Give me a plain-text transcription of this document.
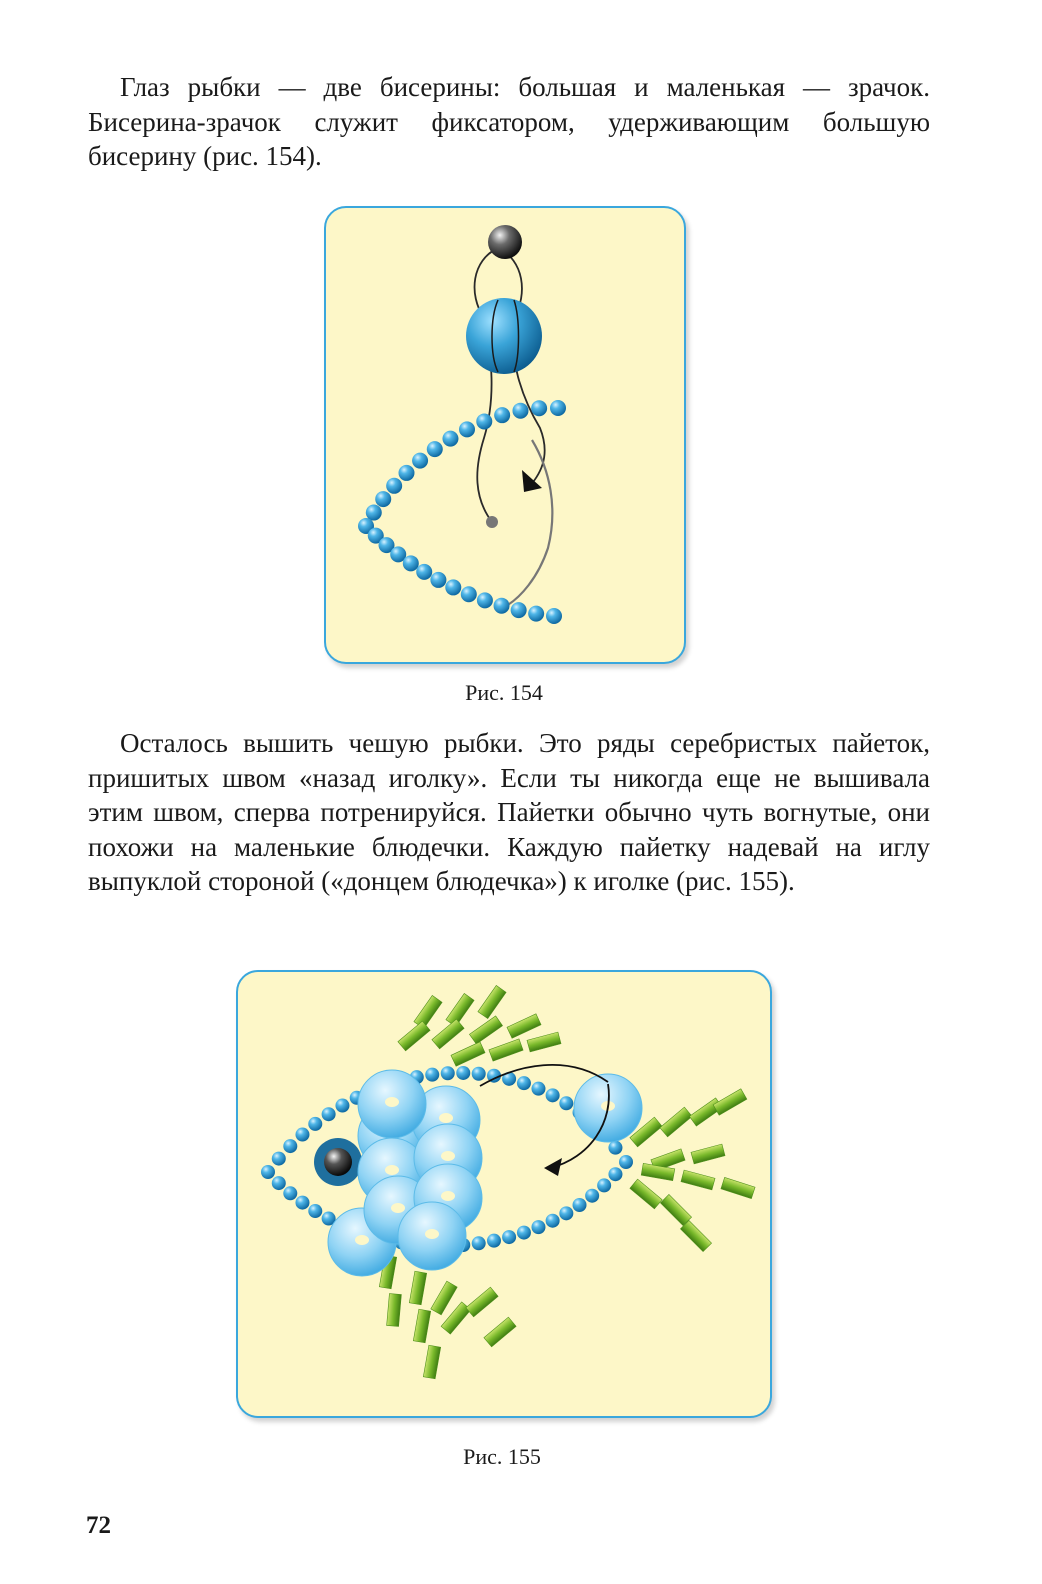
Глаз рыбки — две бисерины: большая и маленькая — зрачок. Бисерина-зрачок служит фиксатором, удерживающим большую бисерину (рис. 154).

Рис. 154

Осталось вышить чешую рыбки. Это ряды серебристых пайеток, пришитых швом «назад иголку». Если ты никогда еще не вышивала этим швом, сперва потренируйся. Пайетки обычно чуть вогнутые, они похожи на маленькие блюдечки. Каждую пайетку надевай на иглу выпуклой стороной («донцем блюдечка») к иголке (рис. 155).

Рис. 155
72
